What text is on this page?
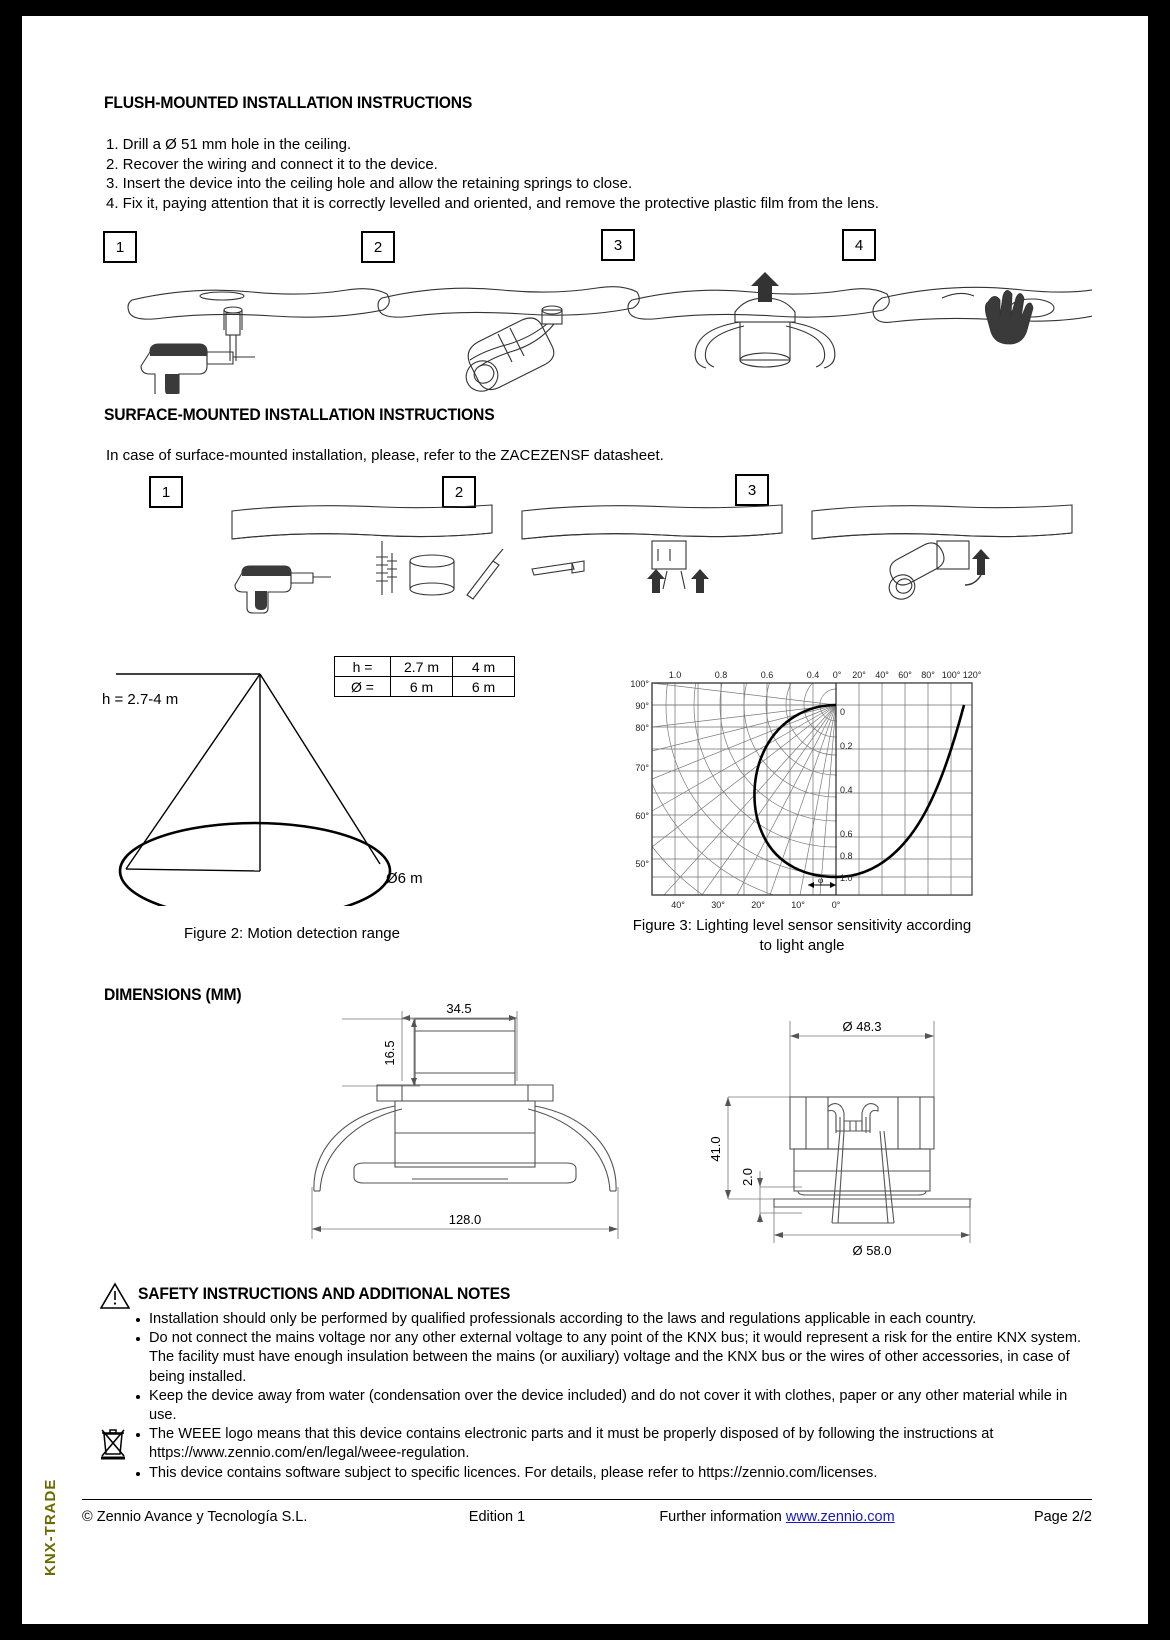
KNX-TRADE
FLUSH-MOUNTED INSTALLATION INSTRUCTIONS
1. Drill a Ø 51 mm hole in the ceiling.
2. Recover the wiring and connect it to the device.
3. Insert the device into the ceiling hole and allow the retaining springs to close.
4. Fix it, paying attention that it is correctly levelled and oriented, and remove the protective plastic film from the lens.
1	2	3	4
SURFACE-MOUNTED INSTALLATION INSTRUCTIONS
In case of surface-mounted installation, please, refer to the ZACEZENSF datasheet.
1	2	3
h = 2.7-4 m
Ø6 m
h =	2.7 m	4 m
Ø =	6 m	6 m
Figure 2: Motion detection range
φ
1.0	0.8	0.6	0.4 0° 20° 40° 60° 80° 100° 120°
100°
90°
80°
70°
60°
50°
0
0.2
0.4
0.6
0.8
1.0
40°	30°	20°	10°	0°
Figure 3: Lighting level sensor sensitivity according
to light angle
DIMENSIONS (MM)
34.5
16.5
128.0
Ø 48.3
41.0
2.0
Ø 58.0
SAFETY INSTRUCTIONS AND ADDITIONAL NOTES
Installation should only be performed by qualified professionals according to the laws and regulations applicable in each country.
Do not connect the mains voltage nor any other external voltage to any point of the KNX bus; it would represent a risk for the entire KNX system. The facility must have enough insulation between the mains (or auxiliary) voltage and the KNX bus or the wires of other accessories, in case of being installed.
Keep the device away from water (condensation over the device included) and do not cover it with clothes, paper or any other material while in use.
The WEEE logo means that this device contains electronic parts and it must be properly disposed of by following the instructions at https://www.zennio.com/en/legal/weee-regulation.
This device contains software subject to specific licences. For details, please refer to https://zennio.com/licenses.
© Zennio Avance y Tecnología S.L.	Edition 1	Further information www.zennio.com	Page 2/2
